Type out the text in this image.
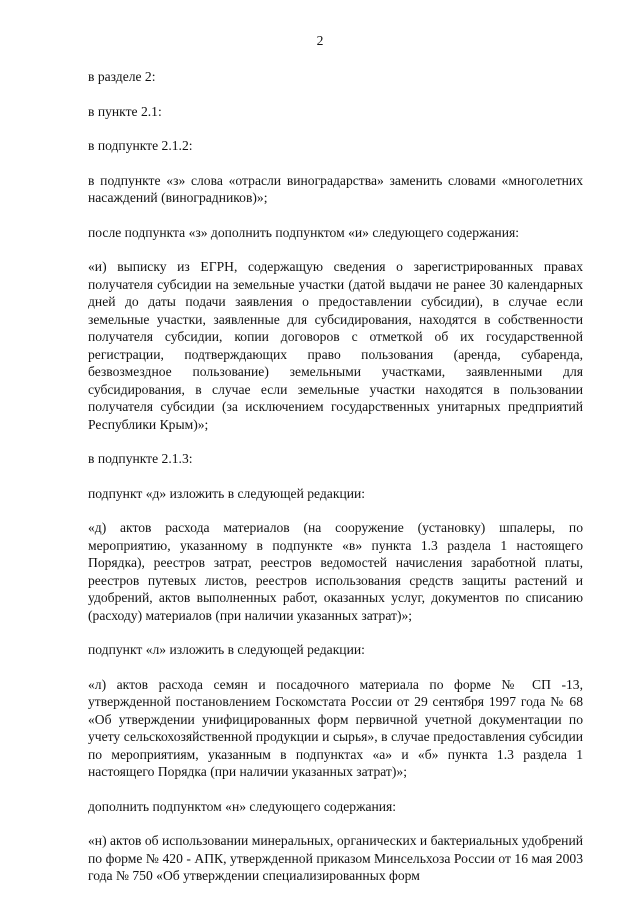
2

в разделе 2:

в пункте 2.1:

в подпункте 2.1.2:

в подпункте «з» слова «отрасли виноградарства» заменить словами «многолетних насаждений (виноградников)»;

после подпункта «з» дополнить подпунктом «и» следующего содержания:

«и) выписку из ЕГРН, содержащую сведения о зарегистрированных правах получателя субсидии на земельные участки (датой выдачи не ранее 30 календарных дней до даты подачи заявления о предоставлении субсидии), в случае если земельные участки, заявленные для субсидирования, находятся в собственности получателя субсидии, копии договоров с отметкой об их государственной регистрации, подтверждающих право пользования (аренда, субаренда, безвозмездное пользование) земельными участками, заявленными для субсидирования, в случае если земельные участки находятся в пользовании получателя субсидии (за исключением государственных унитарных предприятий Республики Крым)»;

в подпункте 2.1.3:

подпункт «д» изложить в следующей редакции:

«д) актов расхода материалов (на сооружение (установку) шпалеры, по мероприятию, указанному в подпункте «в» пункта 1.3 раздела 1 настоящего Порядка), реестров затрат, реестров ведомостей начисления заработной платы, реестров путевых листов, реестров использования средств защиты растений и удобрений, актов выполненных работ, оказанных услуг, документов по списанию (расходу) материалов (при наличии указанных затрат)»;

подпункт «л» изложить в следующей редакции:

«л) актов расхода семян и посадочного материала по форме № СП -13, утвержденной постановлением Госкомстата России от 29 сентября 1997 года № 68 «Об утверждении унифицированных форм первичной учетной документации по учету сельскохозяйственной продукции и сырья», в случае предоставления субсидии по мероприятиям, указанным в подпунктах «а» и «б» пункта 1.3 раздела 1 настоящего Порядка (при наличии указанных затрат)»;

дополнить подпунктом «н» следующего содержания:

«н) актов об использовании минеральных, органических и бактериальных удобрений по форме № 420 - АПК, утвержденной приказом Минсельхоза России от 16 мая 2003 года № 750 «Об утверждении специализированных форм
